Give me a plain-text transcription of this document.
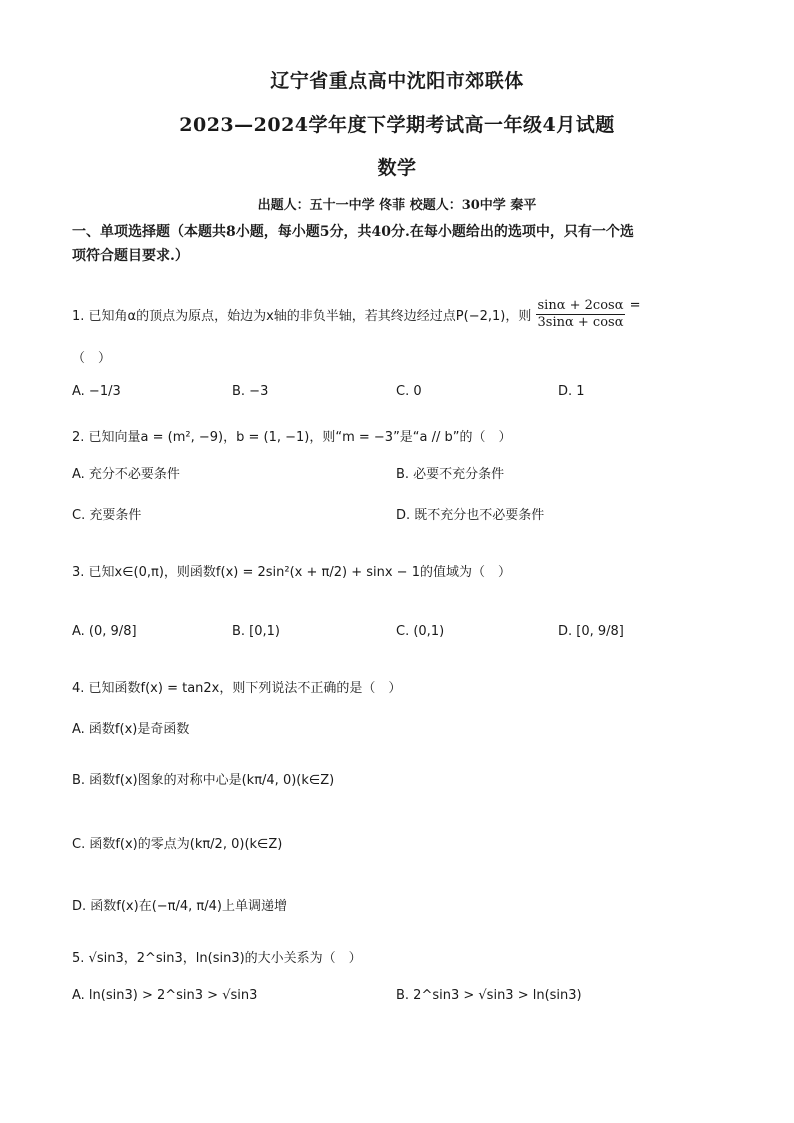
辽宁省重点高中沈阳市郊联体
2023—2024学年度下学期考试高一年级4月试题
数学
出题人：五十一中学 佟菲 校题人：30中学 秦平
一、单项选择题（本题共8小题，每小题5分，共40分.在每小题给出的选项中，只有一个选
项符合题目要求.）
1. 已知角α的顶点为原点，始边为x轴的非负半轴，若其终边经过点P(−2,1)，则 $\frac{\sin\alpha + 2\cos\alpha}{3\sin\alpha + \cos\alpha}$ =
（　）
A. −1/3	B. −3	C. 0	D. 1
2. 已知向量a = (m², −9)，b = (1, −1)，则“m = −3”是“a // b”的（　）
A. 充分不必要条件	B. 必要不充分条件
C. 充要条件	D. 既不充分也不必要条件
3. 已知x∈(0,π)，则函数f(x) = 2sin²(x + π/2) + sinx − 1的值域为（　）
A. (0, 9/8]	B. [0,1)	C. (0,1)	D. [0, 9/8]
4. 已知函数f(x) = tan2x，则下列说法不正确的是（　）
A. 函数f(x)是奇函数
B. 函数f(x)图象的对称中心是(kπ/4, 0)(k∈Z)
C. 函数f(x)的零点为(kπ/2, 0)(k∈Z)
D. 函数f(x)在(−π/4, π/4)上单调递增
5. √sin3，2^sin3，ln(sin3)的大小关系为（　）
A. ln(sin3) > 2^sin3 > √sin3	B. 2^sin3 > √sin3 > ln(sin3)
